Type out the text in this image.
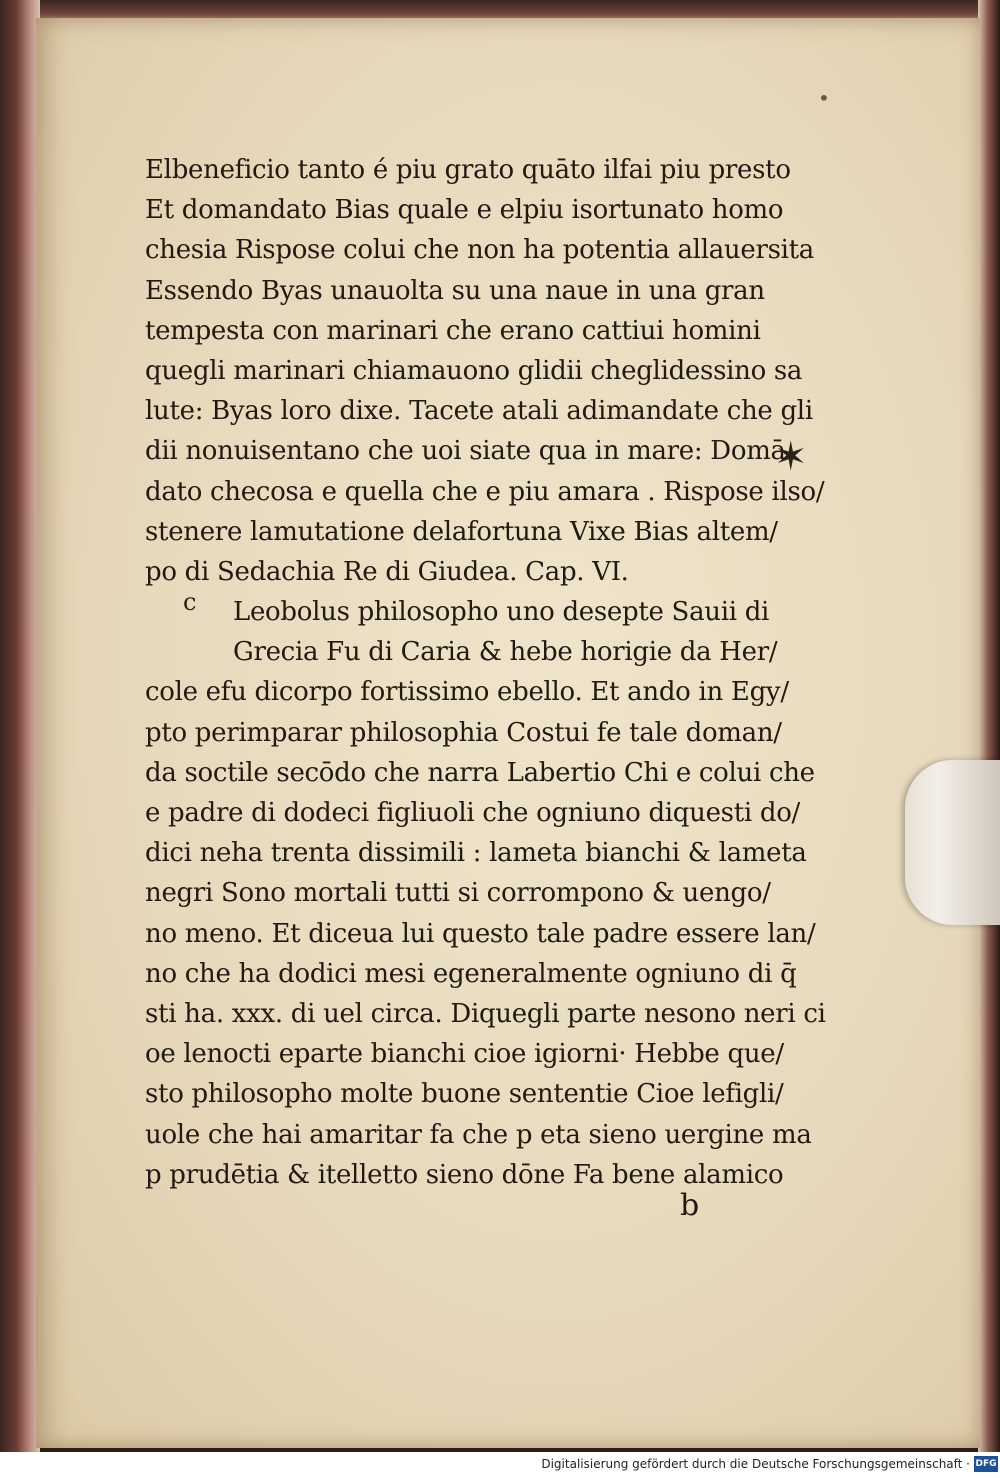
•
Elbeneficio tanto é piu grato quāto ilfai piu presto
Et domandato Bias quale e elpiu isortunato homo
chesia Rispose colui che non ha potentia allauersita
Essendo Byas unauolta su una naue in una gran
tempesta con marinari che erano cattiui homini
quegli marinari chiamauono glidii cheglidessino sa
lute: Byas loro dixe. Tacete atali adimandate che gli
dii nonuisentano che uoi siate qua in mare: Domā
dato checosa e quella che e piu amara . Rispose ilso/
stenere lamutatione delafortuna Vixe Bias altem/
po di Sedachia Re di Giudea. Cap. VI.
Leobolus philosopho uno desepte Sauii di
Grecia Fu di Caria & hebe horigie da Her/
cole efu dicorpo fortissimo ebello. Et ando in Egy/
pto perimparar philosophia Costui fe tale doman/
da soctile secōdo che narra Labertio Chi e colui che
e padre di dodeci figliuoli che ogniuno diquesti do/
dici neha trenta dissimili : lameta bianchi & lameta
negri Sono mortali tutti si corrompono & uengo/
no meno. Et diceua lui questo tale padre essere lan/
no che ha dodici mesi egeneralmente ogniuno di q̄
sti ha. xxx. di uel circa. Diquegli parte nesono neri ci
oe lenocti eparte bianchi cioe igiorni· Hebbe que/
sto philosopho molte buone sententie Cioe lefigli/
uole che hai amaritar fa che p eta sieno uergine ma
p prudētia & itelletto sieno dōne Fa bene alamico
c
✶
b
Digitalisierung gefördert durch die Deutsche Forschungsgemeinschaft · DFG
